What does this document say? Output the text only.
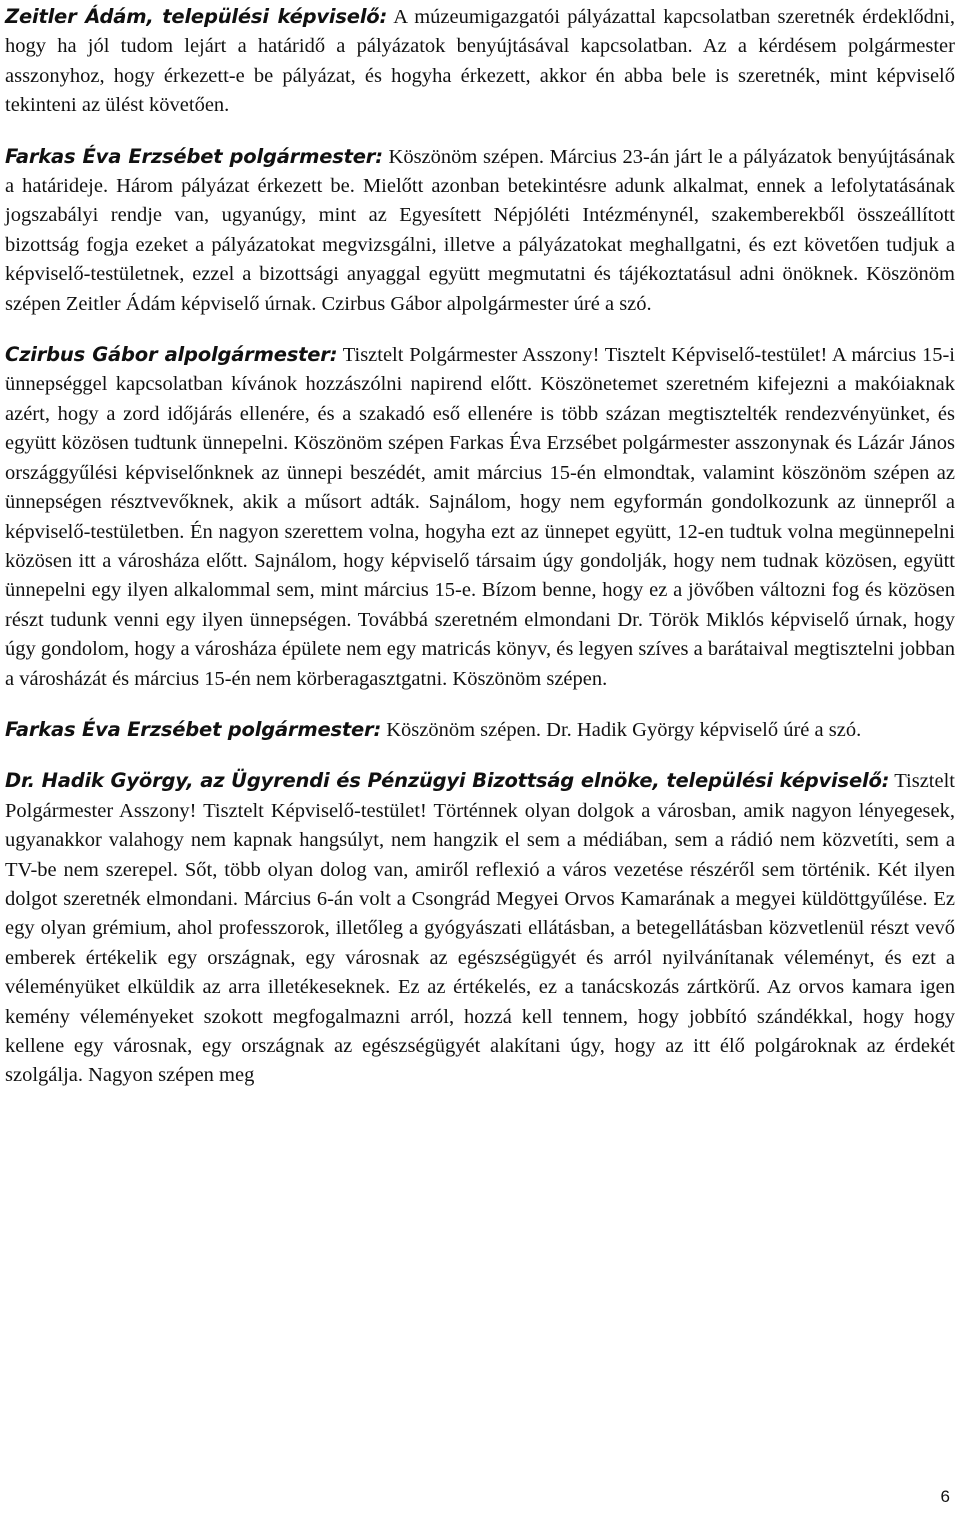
Zeitler Ádám, települési képviselő: A múzeumigazgatói pályázattal kapcsolatban szeretnék érdeklődni, hogy ha jól tudom lejárt a határidő a pályázatok benyújtásával kapcsolatban. Az a kérdésem polgármester asszonyhoz, hogy érkezett-e be pályázat, és hogyha érkezett, akkor én abba bele is szeretnék, mint képviselő tekinteni az ülést követően.

Farkas Éva Erzsébet polgármester: Köszönöm szépen. Március 23-án járt le a pályázatok benyújtásának a határideje. Három pályázat érkezett be. Mielőtt azonban betekintésre adunk alkalmat, ennek a lefolytatásának jogszabályi rendje van, ugyanúgy, mint az Egyesített Népjóléti Intézménynél, szakemberekből összeállított bizottság fogja ezeket a pályázatokat megvizsgálni, illetve a pályázatokat meghallgatni, és ezt követően tudjuk a képviselő-testületnek, ezzel a bizottsági anyaggal együtt megmutatni és tájékoztatásul adni önöknek. Köszönöm szépen Zeitler Ádám képviselő úrnak. Czirbus Gábor alpolgármester úré a szó.

Czirbus Gábor alpolgármester: Tisztelt Polgármester Asszony! Tisztelt Képviselő-testület! A március 15-i ünnepséggel kapcsolatban kívánok hozzászólni napirend előtt. Köszönetemet szeretném kifejezni a makóiaknak azért, hogy a zord időjárás ellenére, és a szakadó eső ellenére is több százan megtisztelték rendezvényünket, és együtt közösen tudtunk ünnepelni. Köszönöm szépen Farkas Éva Erzsébet polgármester asszonynak és Lázár János országgyűlési képviselőnknek az ünnepi beszédét, amit március 15-én elmondtak, valamint köszönöm szépen az ünnepségen résztvevőknek, akik a műsort adták. Sajnálom, hogy nem egyformán gondolkozunk az ünnepről a képviselő-testületben. Én nagyon szerettem volna, hogyha ezt az ünnepet együtt, 12-en tudtuk volna megünnepelni közösen itt a városháza előtt. Sajnálom, hogy képviselő társaim úgy gondolják, hogy nem tudnak közösen, együtt ünnepelni egy ilyen alkalommal sem, mint március 15-e. Bízom benne, hogy ez a jövőben változni fog és közösen részt tudunk venni egy ilyen ünnepségen. Továbbá szeretném elmondani Dr. Török Miklós képviselő úrnak, hogy úgy gondolom, hogy a városháza épülete nem egy matricás könyv, és legyen szíves a barátaival megtisztelni jobban a városházát és március 15-én nem körberagasztgatni. Köszönöm szépen.

Farkas Éva Erzsébet polgármester: Köszönöm szépen. Dr. Hadik György képviselő úré a szó.

Dr. Hadik György, az Ügyrendi és Pénzügyi Bizottság elnöke, települési képviselő: Tisztelt Polgármester Asszony! Tisztelt Képviselő-testület! Történnek olyan dolgok a városban, amik nagyon lényegesek, ugyanakkor valahogy nem kapnak hangsúlyt, nem hangzik el sem a médiában, sem a rádió nem közvetíti, sem a TV-be nem szerepel. Sőt, több olyan dolog van, amiről reflexió a város vezetése részéről sem történik. Két ilyen dolgot szeretnék elmondani. Március 6-án volt a Csongrád Megyei Orvos Kamarának a megyei küldöttgyűlése. Ez egy olyan grémium, ahol professzorok, illetőleg a gyógyászati ellátásban, a betegellátásban közvetlenül részt vevő emberek értékelik egy országnak, egy városnak az egészségügyét és arról nyilvánítanak véleményt, és ezt a véleményüket elküldik az arra illetékeseknek. Ez az értékelés, ez a tanácskozás zártkörű. Az orvos kamara igen kemény véleményeket szokott megfogalmazni arról, hozzá kell tennem, hogy jobbító szándékkal, hogy hogy kellene egy városnak, egy országnak az egészségügyét alakítani úgy, hogy az itt élő polgároknak az érdekét szolgálja. Nagyon szépen meg

6
